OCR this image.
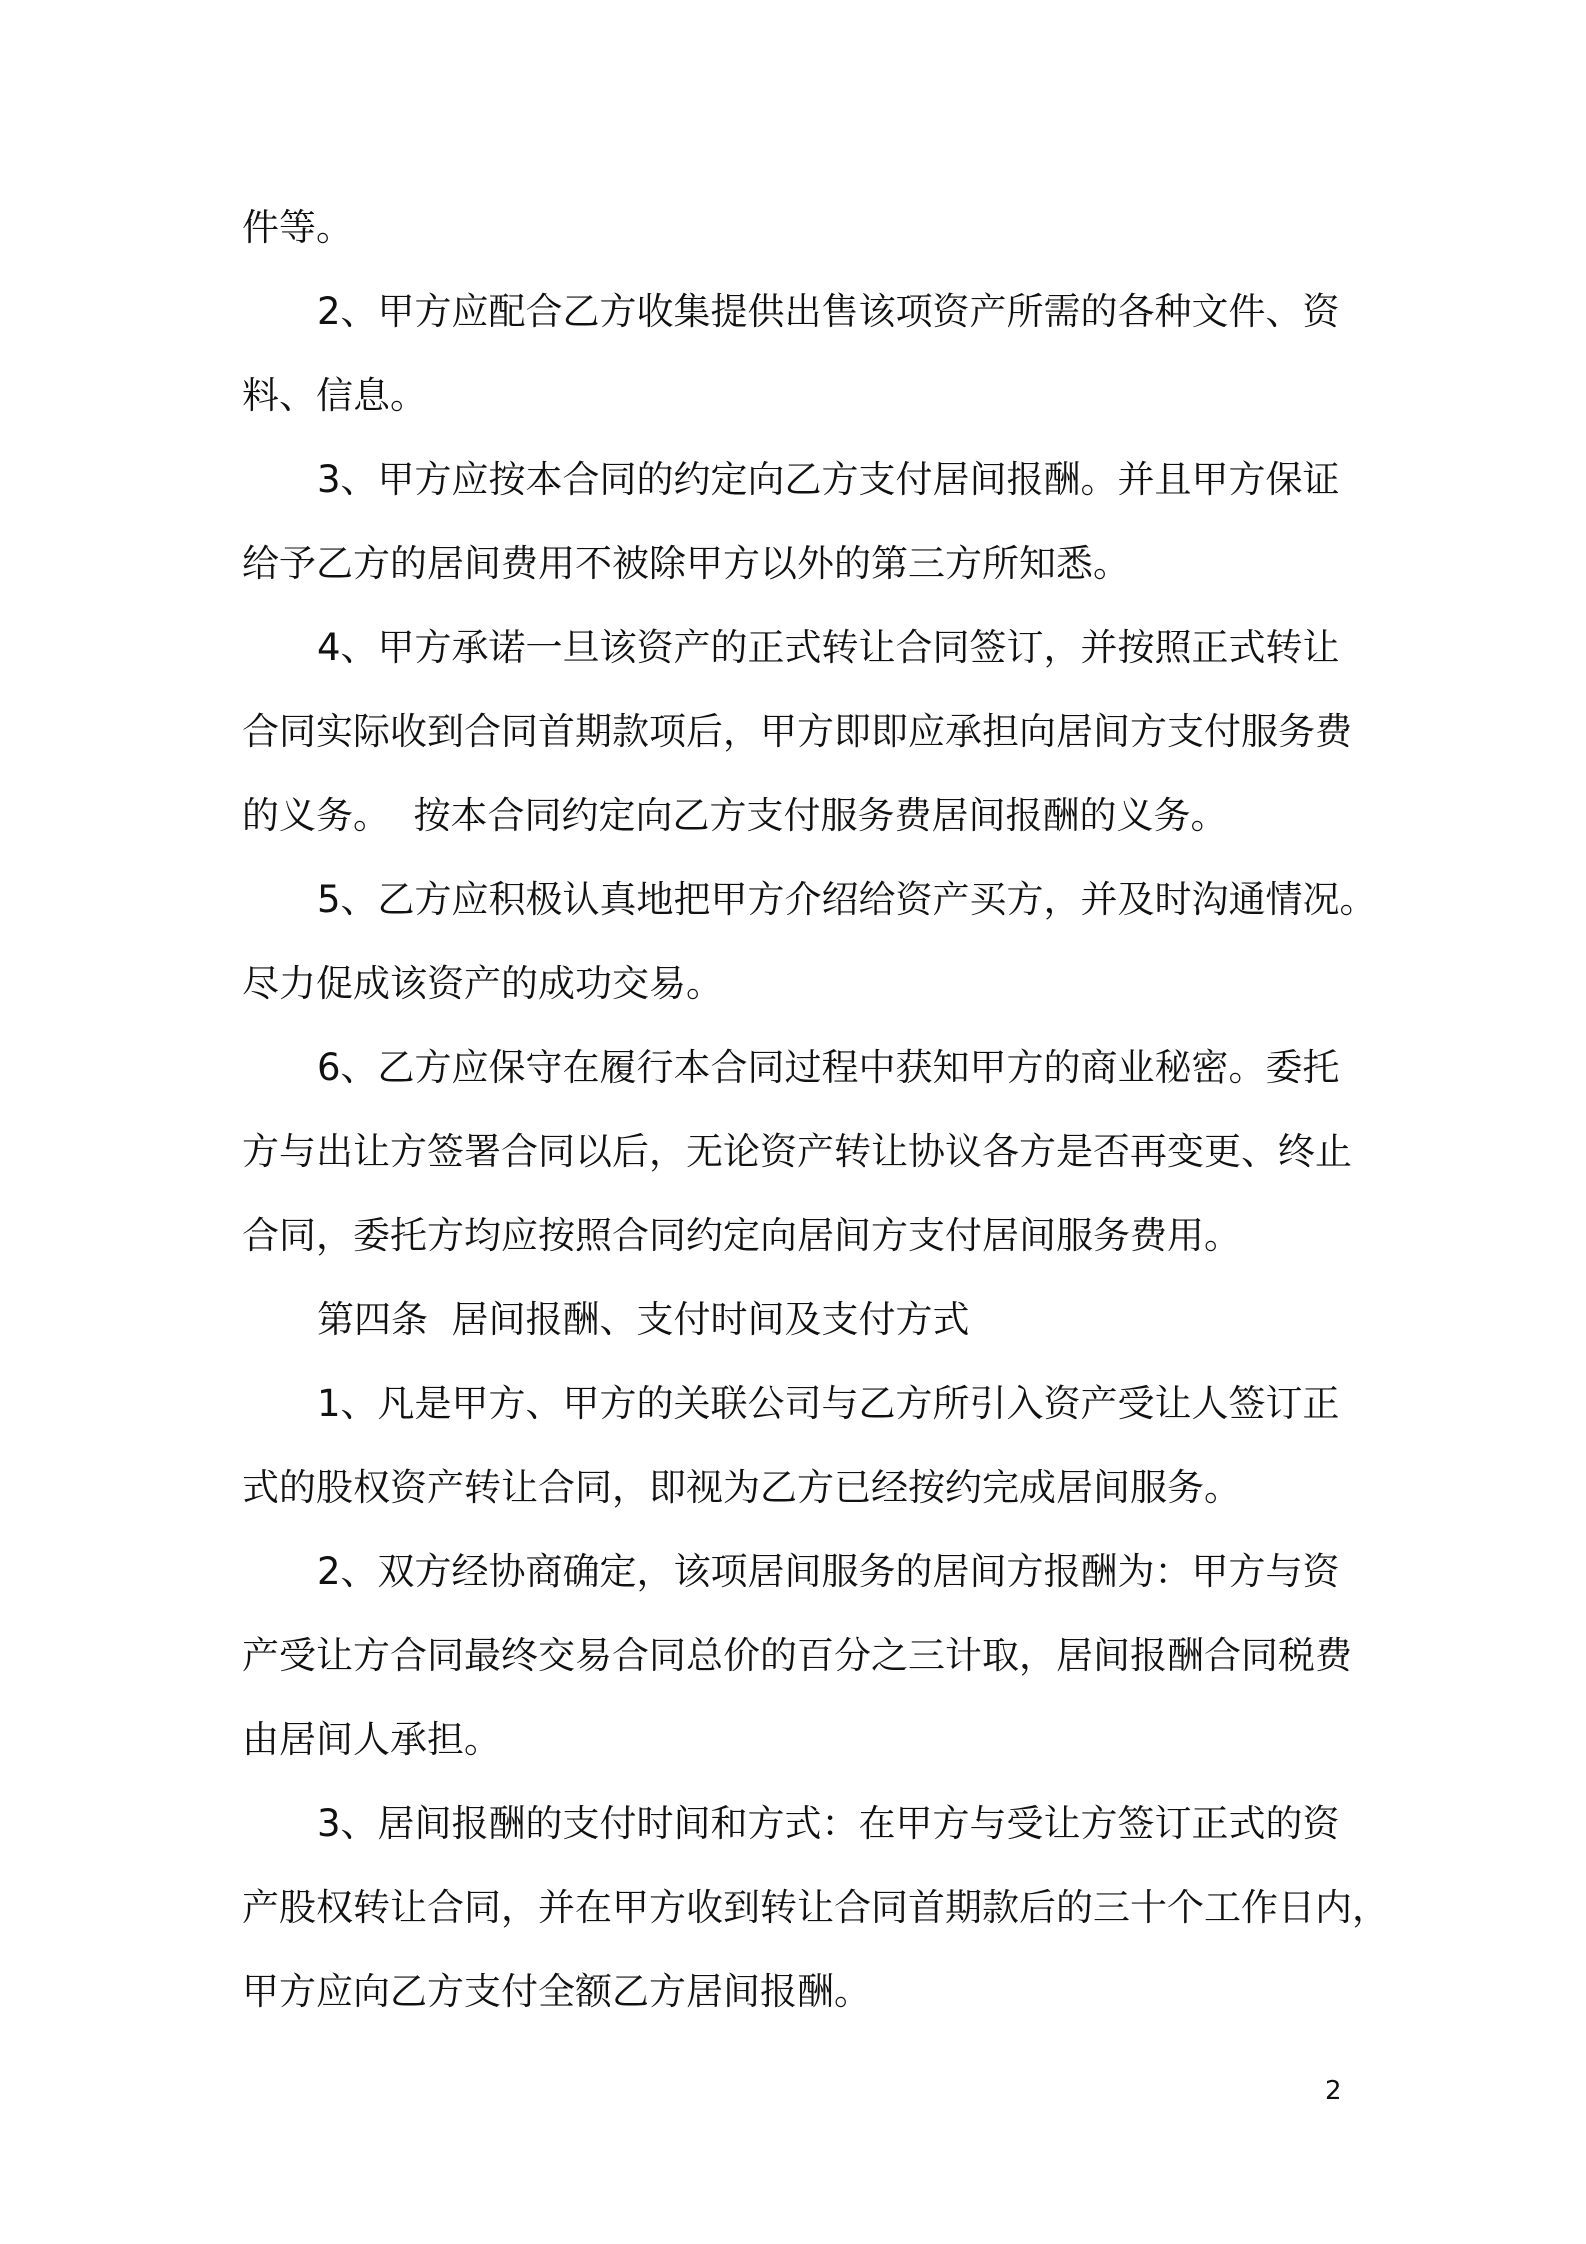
件等。
2、甲方应配合乙方收集提供出售该项资产所需的各种文件、资
料、信息。
3、甲方应按本合同的约定向乙方支付居间报酬。并且甲方保证
给予乙方的居间费用不被除甲方以外的第三方所知悉。
4、甲方承诺一旦该资产的正式转让合同签订，并按照正式转让
合同实际收到合同首期款项后，甲方即即应承担向居间方支付服务费
的义务。  按本合同约定向乙方支付服务费居间报酬的义务。
5、乙方应积极认真地把甲方介绍给资产买方，并及时沟通情况。
尽力促成该资产的成功交易。
6、乙方应保守在履行本合同过程中获知甲方的商业秘密。委托
方与出让方签署合同以后，无论资产转让协议各方是否再变更、终止
合同，委托方均应按照合同约定向居间方支付居间服务费用。
第四条  居间报酬、支付时间及支付方式
1、凡是甲方、甲方的关联公司与乙方所引入资产受让人签订正
式的股权资产转让合同，即视为乙方已经按约完成居间服务。
2、双方经协商确定，该项居间服务的居间方报酬为：甲方与资
产受让方合同最终交易合同总价的百分之三计取，居间报酬合同税费
由居间人承担。
3、居间报酬的支付时间和方式：在甲方与受让方签订正式的资
产股权转让合同，并在甲方收到转让合同首期款后的三十个工作日内，
甲方应向乙方支付全额乙方居间报酬。
2
